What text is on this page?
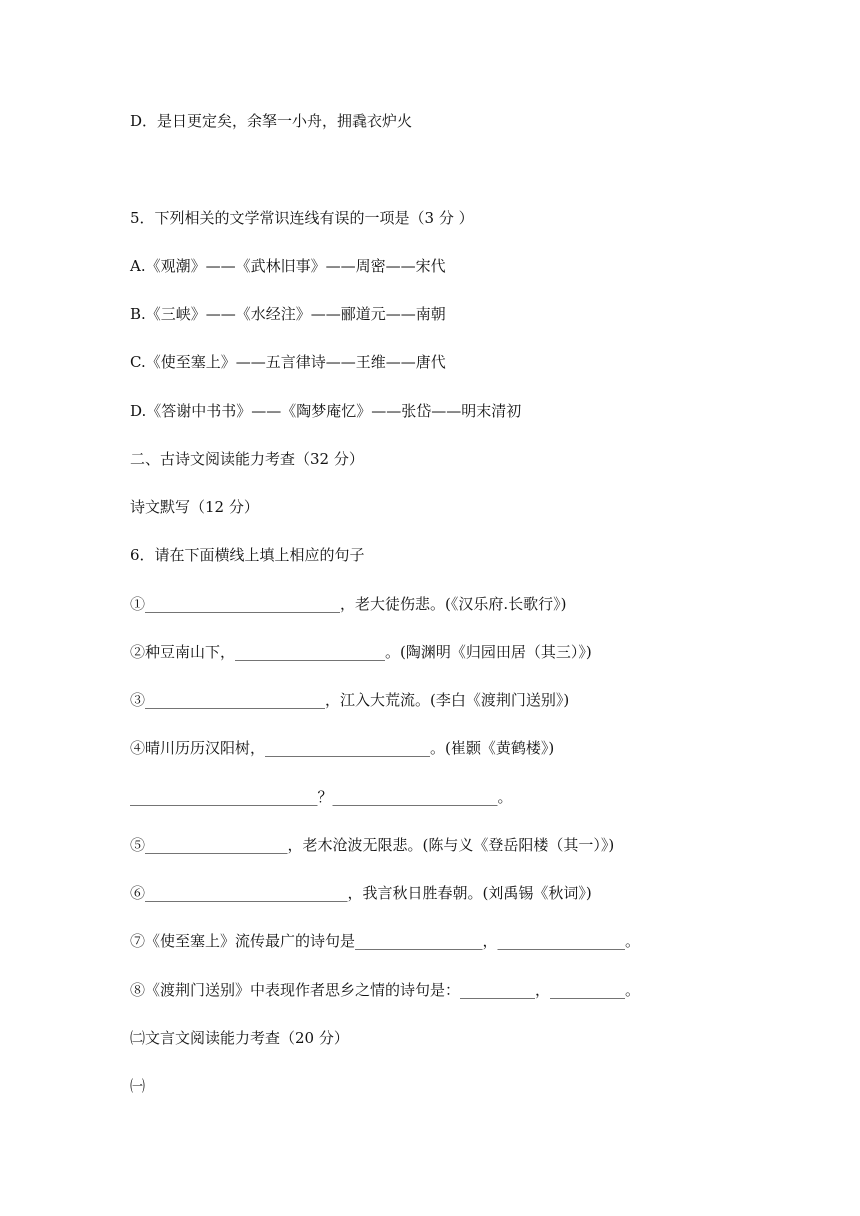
D．是日更定矣，余拏一小舟，拥毳衣炉火
5．下列相关的文学常识连线有误的一项是（3 分 ）
A.《观潮》——《武林旧事》——周密——宋代
B.《三峡》——《水经注》——郦道元——南朝
C.《使至塞上》——五言律诗——王维——唐代
D.《答谢中书书》——《陶梦庵忆》——张岱——明末清初
二、古诗文阅读能力考查（32 分）
诗文默写（12 分）
6．请在下面横线上填上相应的句子
①__________________________，老大徒伤悲。(《汉乐府.长歌行》)
②种豆南山下，____________________。(陶渊明《归园田居（其三）》)
③________________________，江入大荒流。(李白《渡荆门送别》)
④晴川历历汉阳树，______________________。(崔颢《黄鹤楼》)
_________________________？______________________。
⑤___________________，老木沧波无限悲。(陈与义《登岳阳楼（其一）》)
⑥___________________________，我言秋日胜春朝。(刘禹锡《秋词》)
⑦《使至塞上》流传最广的诗句是_________________，_________________。
⑧《渡荆门送别》中表现作者思乡之情的诗句是：__________，__________。
㈡文言文阅读能力考查（20 分）
㈠
